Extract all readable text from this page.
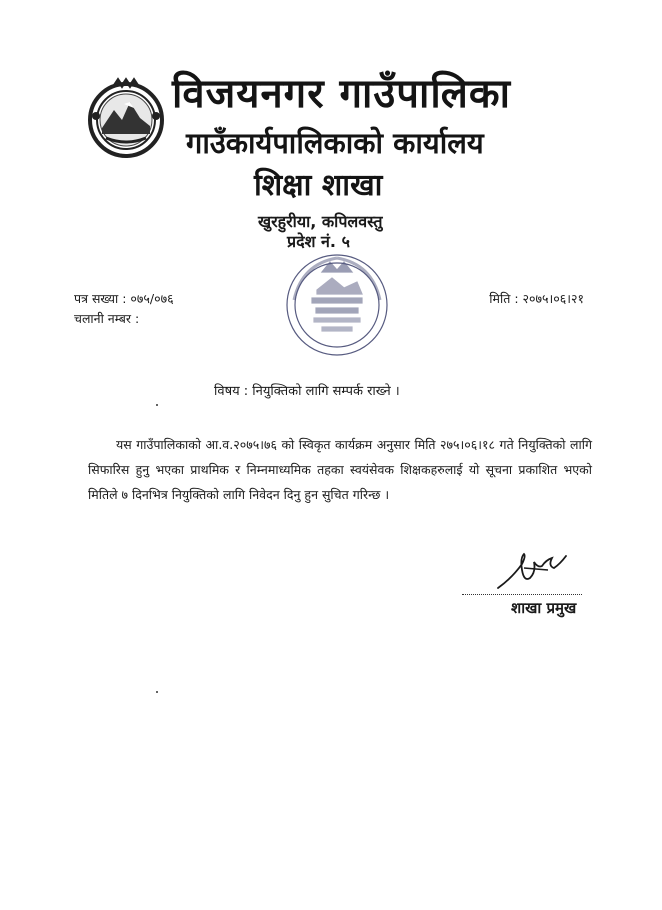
विजयनगर गाउँपालिका
गाउँकार्यपालिकाको कार्यालय
शिक्षा शाखा
खुरहुरीया, कपिलवस्तु
प्रदेश नं. ५
पत्र सख्या : ०७५/०७६
चलानी नम्बर :
मिति : २०७५।०६।२१
विषय : नियुक्तिको लागि सम्पर्क राख्ने ।

यस गाउँपालिकाको आ.व.२०७५।७६ को स्विकृत कार्यक्रम अनुसार मिति २७५।०६।१८ गते नियुक्तिको लागि सिफारिस हुनु भएका प्राथमिक र निम्नमाध्यमिक तहका स्वयंसेवक शिक्षकहरुलाई यो सूचना प्रकाशित भएको मितिले ७ दिनभित्र नियुक्तिको लागि निवेदन दिनु हुन सुचित गरिन्छ ।

शाखा प्रमुख
